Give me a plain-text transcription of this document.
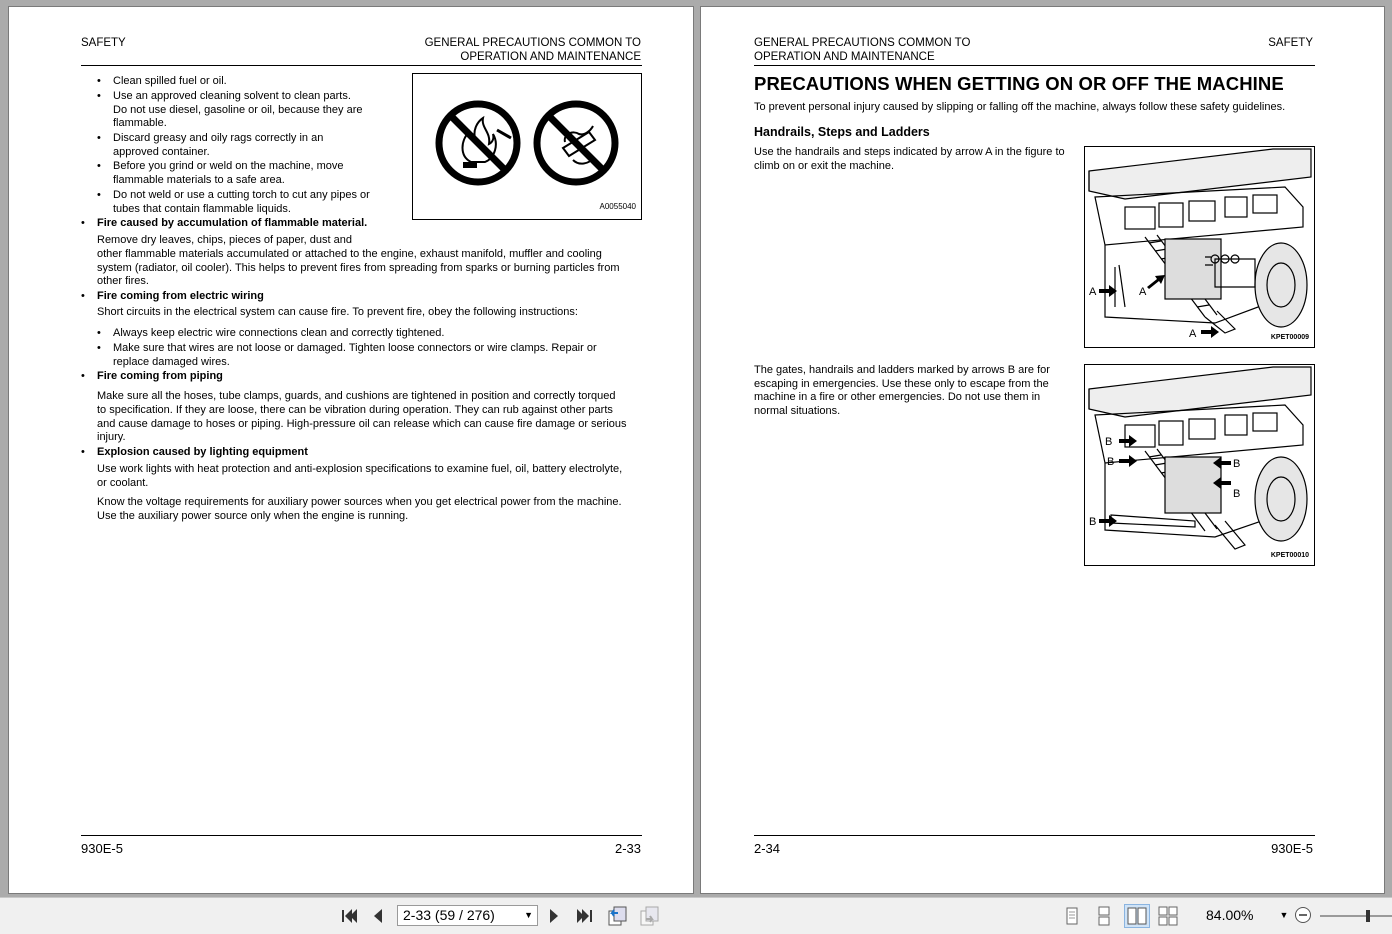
SAFETY	GENERAL PRECAUTIONS COMMON TO
OPERATION AND MAINTENANCE
• Clean spilled fuel or oil.
• Use an approved cleaning solvent to clean parts.
Do not use diesel, gasoline or oil, because they are
flammable.
• Discard greasy and oily rags correctly in an
approved container.
• Before you grind or weld on the machine, move
flammable materials to a safe area.
• Do not weld or use a cutting torch to cut any pipes or
tubes that contain flammable liquids.	A0055040
• Fire caused by accumulation of flammable material.
Remove dry leaves, chips, pieces of paper, dust and
other flammable materials accumulated or attached to the engine, exhaust manifold, muffler and cooling
system (radiator, oil cooler). This helps to prevent fires from spreading from sparks or burning particles from
other fires.
• Fire coming from electric wiring
Short circuits in the electrical system can cause fire. To prevent fire, obey the following instructions:
• Always keep electric wire connections clean and correctly tightened.
• Make sure that wires are not loose or damaged. Tighten loose connectors or wire clamps. Repair or
replace damaged wires.
• Fire coming from piping
Make sure all the hoses, tube clamps, guards, and cushions are tightened in position and correctly torqued
to specification. If they are loose, there can be vibration during operation. They can rub against other parts
and cause damage to hoses or piping. High-pressure oil can release which can cause fire damage or serious
injury.
• Explosion caused by lighting equipment
Use work lights with heat protection and anti-explosion specifications to examine fuel, oil, battery electrolyte,
or coolant.
Know the voltage requirements for auxiliary power sources when you get electrical power from the machine.
Use the auxiliary power source only when the engine is running.
930E-5	2-33
GENERAL PRECAUTIONS COMMON TO
OPERATION AND MAINTENANCE
SAFETY
PRECAUTIONS WHEN GETTING ON OR OFF THE MACHINE
To prevent personal injury caused by slipping or falling off the machine, always follow these safety guidelines.
Handrails, Steps and Ladders
Use the handrails and steps indicated by arrow A in the figure to
climb on or exit the machine.
The gates, handrails and ladders marked by arrows B are for
escaping in emergencies. Use these only to escape from the
machine in a fire or other emergencies. Do not use them in
normal situations.
A	A
A	KPET00009
B
B	B
B
B
KPET00010
2-34	930E-5
2-33 (59 / 276)	▼	84.00%	▼
